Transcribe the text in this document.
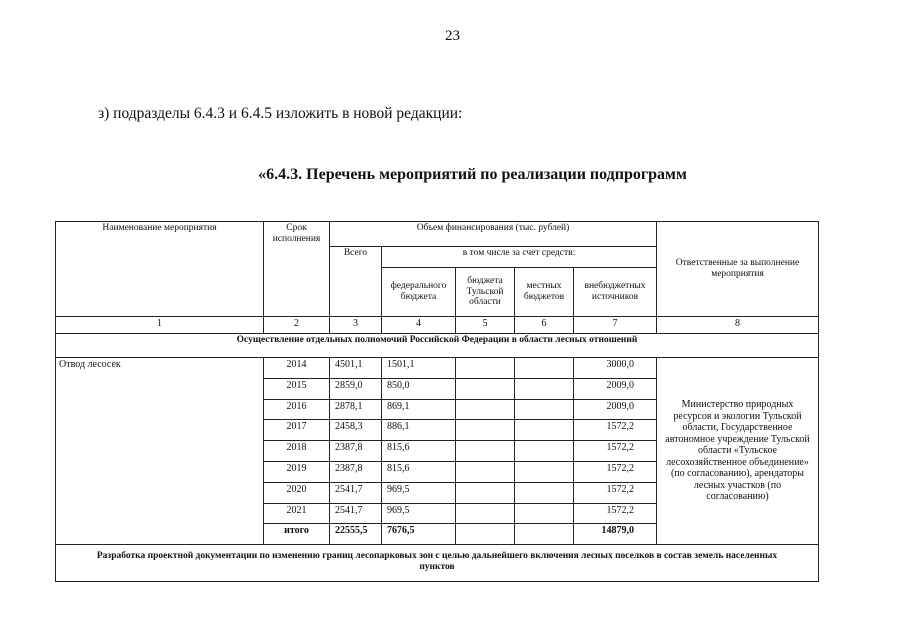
23
з) подразделы 6.4.3 и 6.4.5 изложить в новой редакции:
«6.4.3. Перечень мероприятий по реализации подпрограмм
Наименование мероприятия	Срок исполнения	Объем финансирования (тыс. рублей)					Ответственные за выполнение мероприятия
		Всего	в том числе за счет средств:				
			федерального бюджета	бюджета Тульской области	местных бюджетов	внебюджетных источников	
1	2	3	4	5	6	7	8
Осуществление отдельных полномочий Российской Федерации в области лесных отношений							
Отвод лесосек	2014	4501,1	1501,1			3000,0	Министерство природных ресурсов и экологии Тульской области, Государственное автономное учреждение Тульской области «Тульское лесохозяйственное объединение» (по согласованию), арендаторы лесных участков (по согласованию)
	2015	2859,0	850,0			2009,0	
	2016	2878,1	869,1			2009,0	
	2017	2458,3	886,1			1572,2	
	2018	2387,8	815,6			1572,2	
	2019	2387,8	815,6			1572,2	
	2020	2541,7	969,5			1572,2	
	2021	2541,7	969,5			1572,2	
	итого	22555,5	7676,5			14879,0	
Разработка проектной документации по изменению границ лесопарковых зон с целью дальнейшего включения лесных поселков в состав земель населенных пунктов							
